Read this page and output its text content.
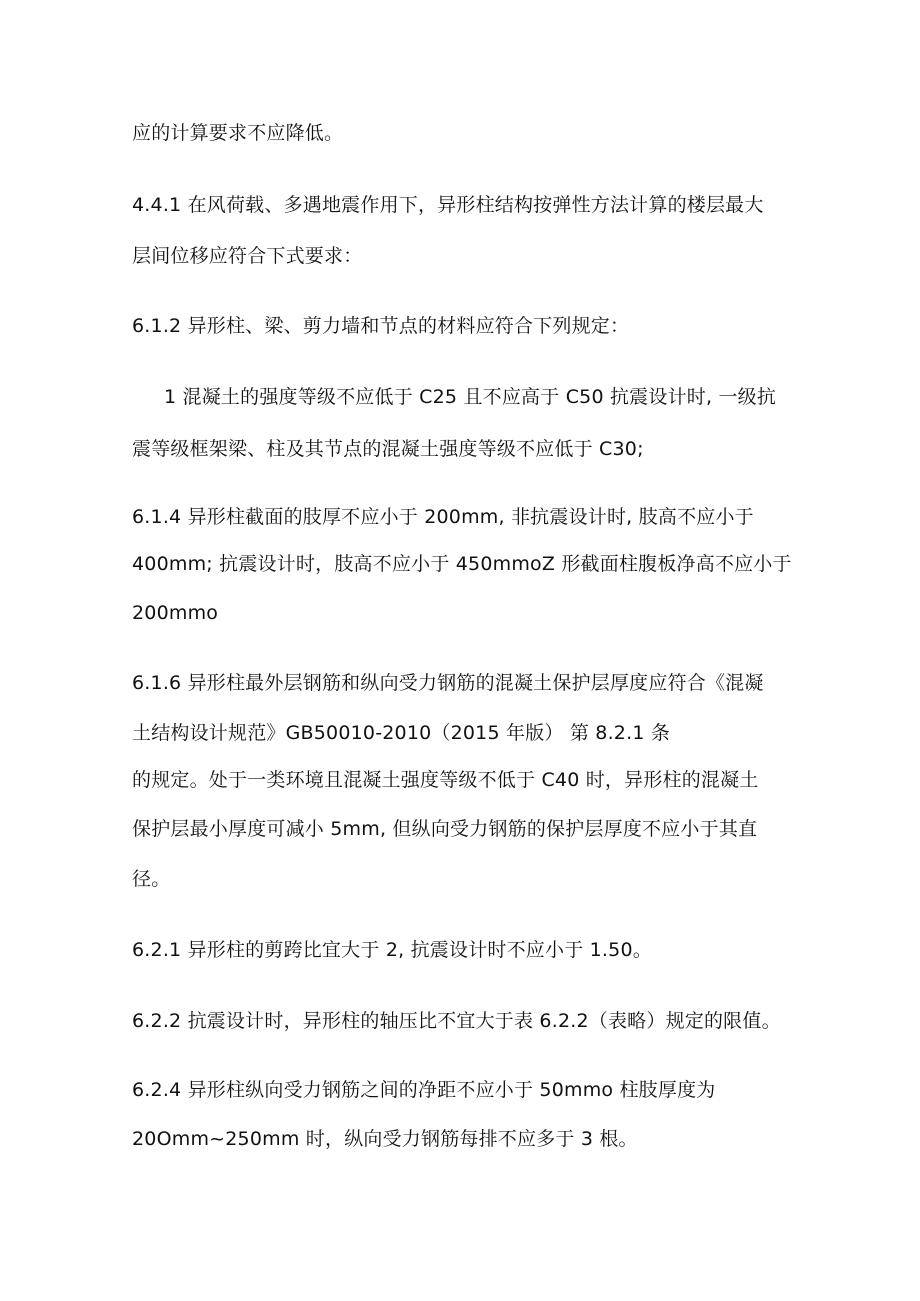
应的计算要求不应降低。
4.4.1 在风荷载、多遇地震作用下，异形柱结构按弹性方法计算的楼层最大
层间位移应符合下式要求：
6.1.2 异形柱、梁、剪力墙和节点的材料应符合下列规定：
1 混凝土的强度等级不应低于 C25 且不应高于 C50 抗震设计时, 一级抗
震等级框架梁、柱及其节点的混凝土强度等级不应低于 C30;
6.1.4 异形柱截面的肢厚不应小于 200mm, 非抗震设计时, 肢高不应小于
400mm; 抗震设计时，肢高不应小于 450mmoZ 形截面柱腹板净高不应小于
200mmo
6.1.6 异形柱最外层钢筋和纵向受力钢筋的混凝土保护层厚度应符合《混凝
土结构设计规范》GB50010-2010（2015 年版） 第 8.2.1 条
的规定。处于一类环境且混凝土强度等级不低于 C40 时，异形柱的混凝土
保护层最小厚度可减小 5mm, 但纵向受力钢筋的保护层厚度不应小于其直
径。
6.2.1 异形柱的剪跨比宜大于 2, 抗震设计时不应小于 1.50。
6.2.2 抗震设计时，异形柱的轴压比不宜大于表 6.2.2（表略）规定的限值。
6.2.4 异形柱纵向受力钢筋之间的净距不应小于 50mmo 柱肢厚度为
20Omm~250mm 时，纵向受力钢筋每排不应多于 3 根。
